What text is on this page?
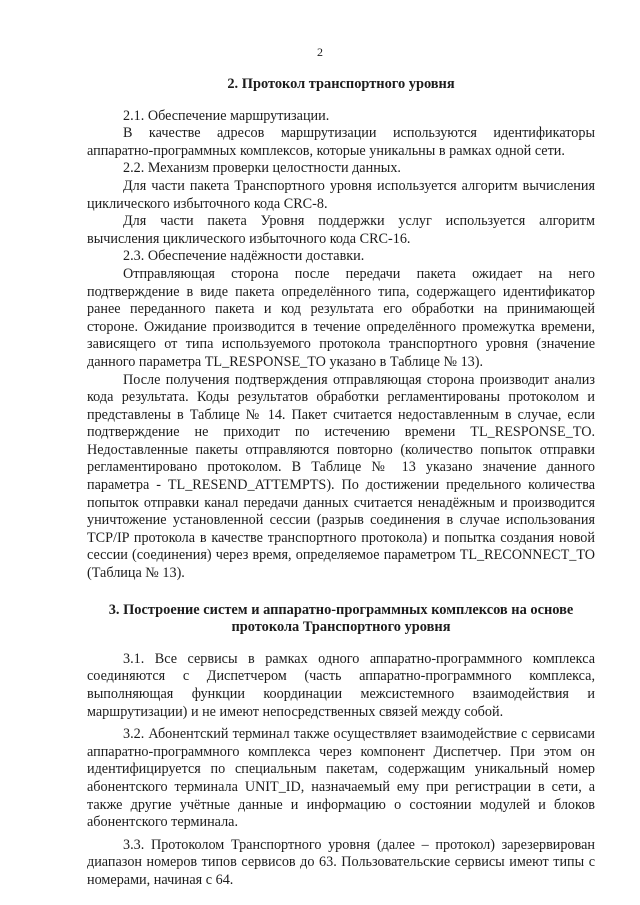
2
2. Протокол транспортного уровня

2.1. Обеспечение маршрутизации.

В качестве адресов маршрутизации используются идентификаторы аппаратно-программных комплексов, которые уникальны в рамках одной сети.

2.2. Механизм проверки целостности данных.

Для части пакета Транспортного уровня используется алгоритм вычисления циклического избыточного кода CRC-8.

Для части пакета Уровня поддержки услуг используется алгоритм вычисления циклического избыточного кода CRC-16.

2.3. Обеспечение надёжности доставки.

Отправляющая сторона после передачи пакета ожидает на него подтверждение в виде пакета определённого типа, содержащего идентификатор ранее переданного пакета и код результата его обработки на принимающей стороне. Ожидание производится в течение определённого промежутка времени, зависящего от типа используемого протокола транспортного уровня (значение данного параметра TL_RESPONSE_TO указано в Таблице № 13).

После получения подтверждения отправляющая сторона производит анализ кода результата. Коды результатов обработки регламентированы протоколом и представлены в Таблице № 14. Пакет считается недоставленным в случае, если подтверждение не приходит по истечению времени TL_RESPONSE_TO. Недоставленные пакеты отправляются повторно (количество попыток отправки регламентировано протоколом. В Таблице № 13 указано значение данного параметра - TL_RESEND_ATTEMPTS). По достижении предельного количества попыток отправки канал передачи данных считается ненадёжным и производится уничтожение установленной сессии (разрыв соединения в случае использования TCP/IP протокола в качестве транспортного протокола) и попытка создания новой сессии (соединения) через время, определяемое параметром TL_RECONNECT_TO (Таблица № 13).

3. Построение систем и аппаратно-программных комплексов на основе
протокола Транспортного уровня

3.1. Все сервисы в рамках одного аппаратно-программного комплекса соединяются с Диспетчером (часть аппаратно-программного комплекса, выполняющая функции координации межсистемного взаимодействия и маршрутизации) и не имеют непосредственных связей между собой.

3.2. Абонентский терминал также осуществляет взаимодействие с сервисами аппаратно-программного комплекса через компонент Диспетчер. При этом он идентифицируется по специальным пакетам, содержащим уникальный номер абонентского терминала UNIT_ID, назначаемый ему при регистрации в сети, а также другие учётные данные и информацию о состоянии модулей и блоков абонентского терминала.

3.3. Протоколом Транспортного уровня (далее – протокол) зарезервирован диапазон номеров типов сервисов до 63. Пользовательские сервисы имеют типы с номерами, начиная с 64.
